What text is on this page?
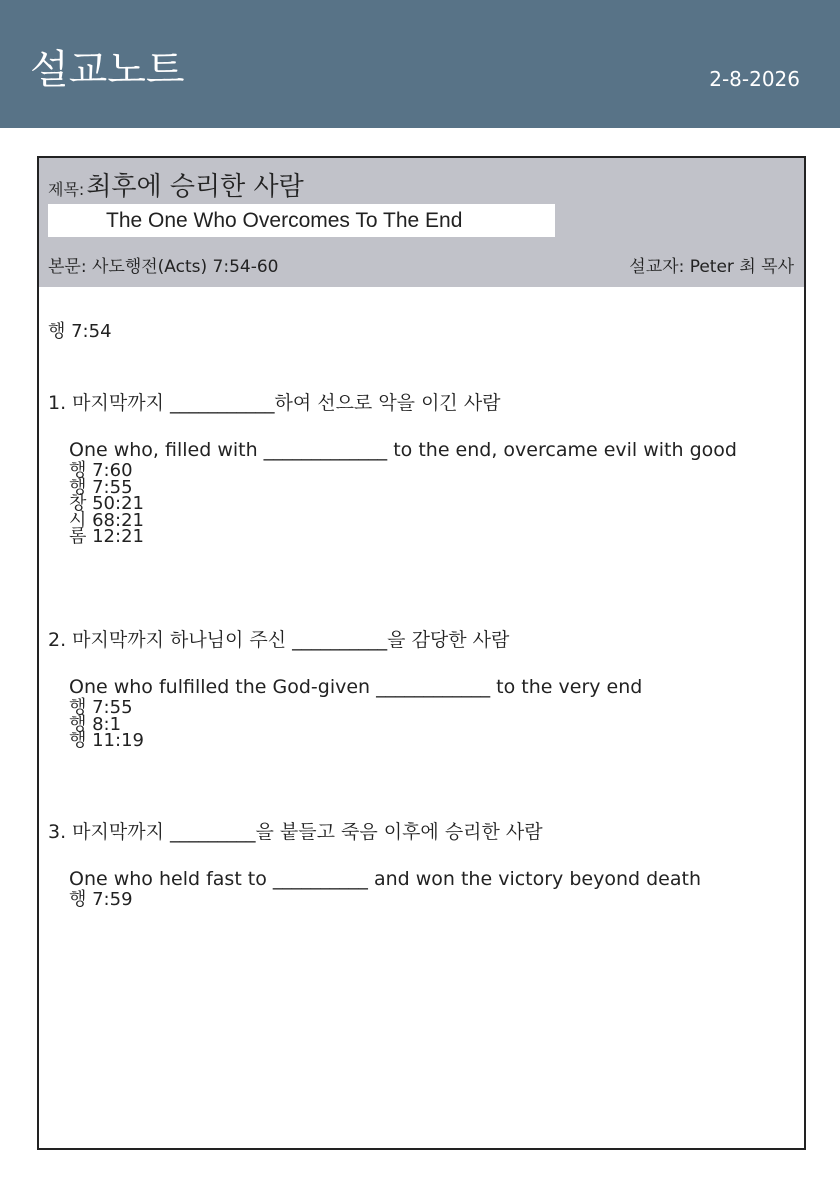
설교노트	2-8-2026
제목: 최후에 승리한 사람
The One Who Overcomes To The End
본문: 사도행전(Acts) 7:54-60	설교자: Peter 최 목사
행 7:54
1. 마지막까지 ___________하여 선으로 악을 이긴 사람
One who, filled with _____________ to the end, overcame evil with good
행 7:60
행 7:55
창 50:21
시 68:21
롬 12:21
2. 마지막까지 하나님이 주신 __________을 감당한 사람
One who fulfilled the God-given ____________ to the very end
행 7:55
행 8:1
행 11:19
3. 마지막까지 _________을 붙들고 죽음 이후에 승리한 사람
One who held fast to __________ and won the victory beyond death
행 7:59
